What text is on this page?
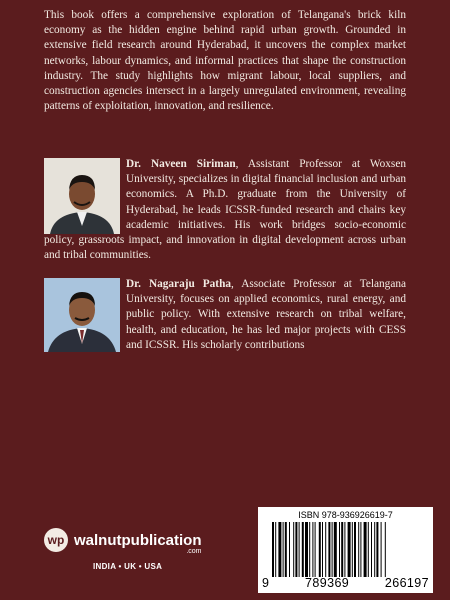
This book offers a comprehensive exploration of Telangana's brick kiln economy as the hidden engine behind rapid urban growth. Grounded in extensive field research around Hyderabad, it uncovers the complex market networks, labour dynamics, and informal practices that shape the construction industry. The study highlights how migrant labour, local suppliers, and construction agencies intersect in a largely unregulated environment, revealing patterns of exploitation, innovation, and resilience.

Dr. Naveen Siriman, Assistant Professor at Woxsen University, specializes in digital financial inclusion and urban economics. A Ph.D. graduate from the University of Hyderabad, he leads ICSSR-funded research and chairs key academic initiatives. His work bridges socio-economic policy, grassroots impact, and innovation in digital development across urban and tribal communities.

Dr. Nagaraju Patha, Associate Professor at Telangana University, focuses on applied economics, rural energy, and public policy. With extensive research on tribal welfare, health, and education, he has led major projects with CESS and ICSSR. His scholarly contributions

wp walnutpublication
.com
INDIA • UK • USA
ISBN 978-936926619-7
9	789369	266197
